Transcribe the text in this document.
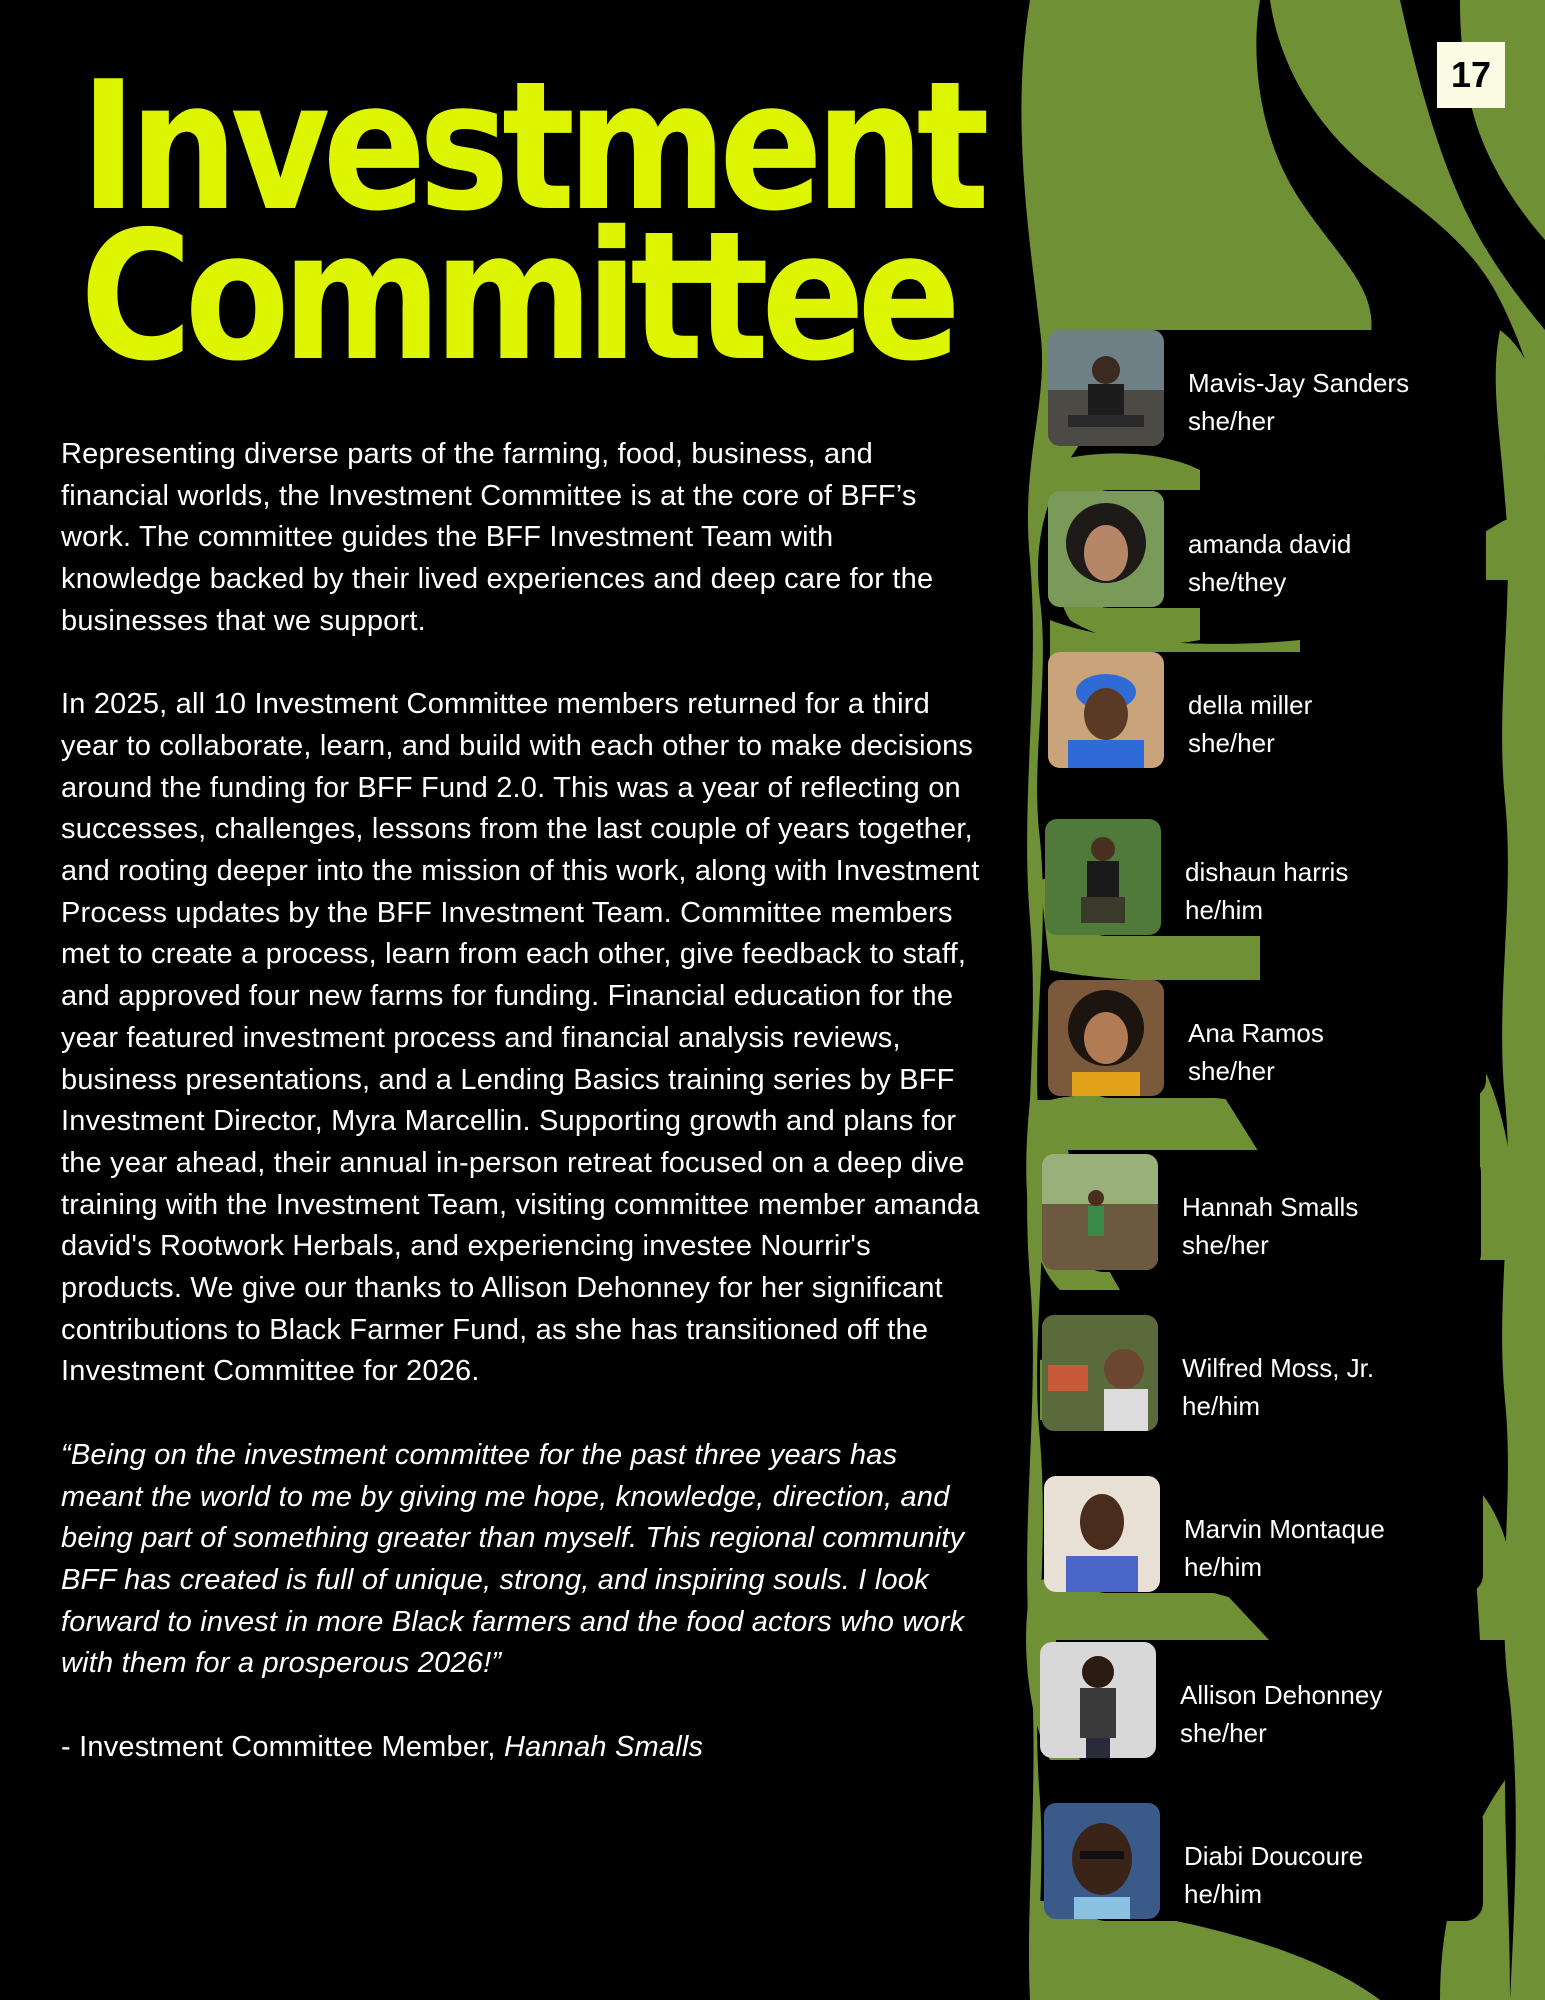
17
Investment
Committee

Representing diverse parts of the farming, food, business, and financial worlds, the Investment Committee is at the core of BFF’s work. The committee guides the BFF Investment Team with knowledge backed by their lived experiences and deep care for the businesses that we support.

In 2025, all 10 Investment Committee members returned for a third year to collaborate, learn, and build with each other to make decisions around the funding for BFF Fund 2.0. This was a year of reflecting on successes, challenges, lessons from the last couple of years together, and rooting deeper into the mission of this work, along with Investment Process updates by the BFF Investment Team. Committee members met to create a process, learn from each other, give feedback to staff, and approved four new farms for funding. Financial education for the year featured investment process and financial analysis reviews, business presentations, and a Lending Basics training series by BFF Investment Director, Myra Marcellin. Supporting growth and plans for the year ahead, their annual in-person retreat focused on a deep dive training with the Investment Team, visiting committee member amanda david's Rootwork Herbals, and experiencing investee Nourrir's products. We give our thanks to Allison Dehonney for her significant contributions to Black Farmer Fund, as she has transitioned off the Investment Committee for 2026.

“Being on the investment committee for the past three years has meant the world to me by giving me hope, knowledge, direction, and being part of something greater than myself. This regional community BFF has created is full of unique, strong, and inspiring souls. I look forward to invest in more Black farmers and the food actors who work with them for a prosperous 2026!”

- Investment Committee Member, Hannah Smalls

Mavis-Jay Sanders
she/her
amanda david
she/they
della miller
she/her
dishaun harris
he/him
Ana Ramos
she/her
Hannah Smalls
she/her
Wilfred Moss, Jr.
he/him
Marvin Montaque
he/him
Allison Dehonney
she/her
Diabi Doucoure
he/him
